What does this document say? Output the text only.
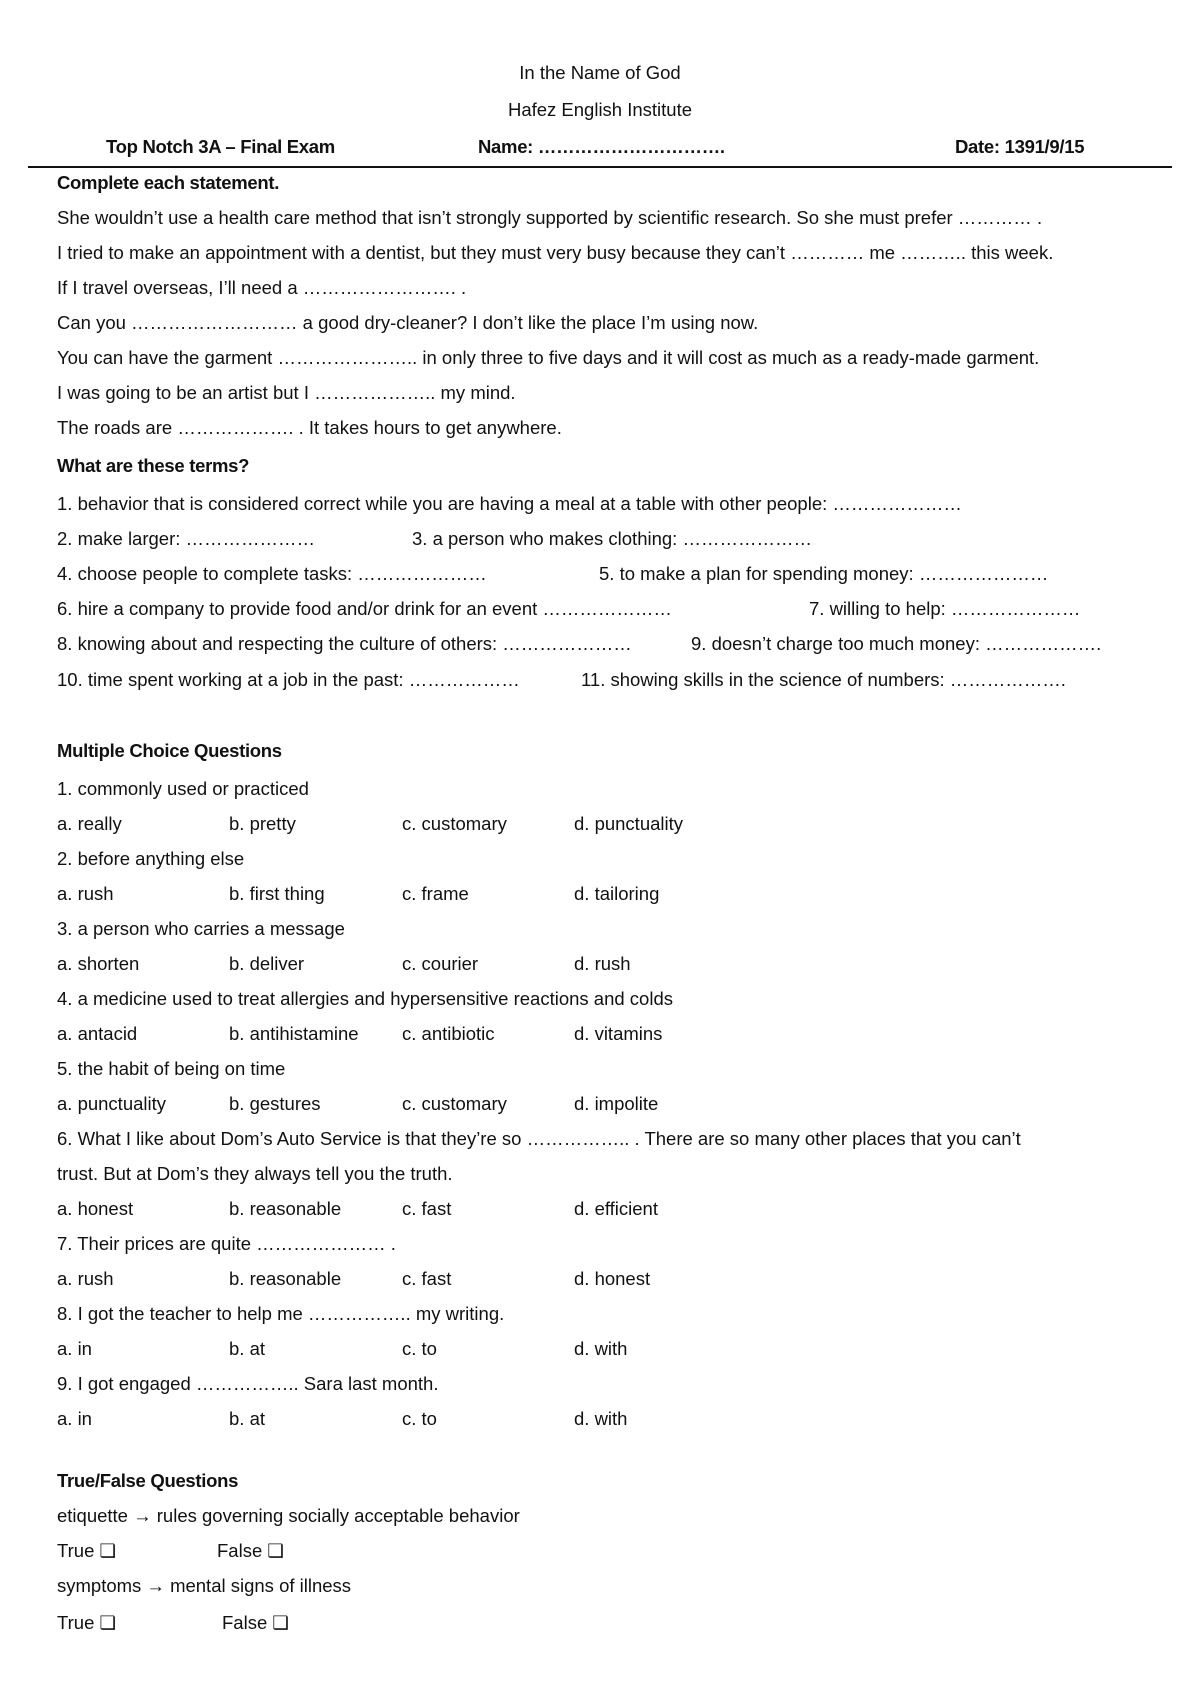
In the Name of God
Hafez English Institute
Top Notch 3A – Final Exam	Name: ………………………….	Date: 1391/9/15
Complete each statement.
She wouldn’t use a health care method that isn’t strongly supported by scientific research. So she must prefer ………… .
I tried to make an appointment with a dentist, but they must very busy because they can’t ………… me ……….. this week.
If I travel overseas, I’ll need a ……………………. .
Can you ……………………… a good dry-cleaner? I don’t like the place I’m using now.
You can have the garment ………………….. in only three to five days and it will cost as much as a ready-made garment.
I was going to be an artist but I ……………….. my mind.
The roads are ………………. . It takes hours to get anywhere.
What are these terms?
1. behavior that is considered correct while you are having a meal at a table with other people: …………………
2. make larger: …………………	3. a person who makes clothing: …………………
4. choose people to complete tasks: …………………	5. to make a plan for spending money: …………………
6. hire a company to provide food and/or drink for an event …………………	7. willing to help: …………………
8. knowing about and respecting the culture of others: …………………	9. doesn’t charge too much money: ……………….
10. time spent working at a job in the past: ………………	11. showing skills in the science of numbers: ……………….
Multiple Choice Questions
1. commonly used or practiced
a. really	b. pretty	c. customary	d. punctuality
2. before anything else
a. rush	b. first thing	c. frame	d. tailoring
3. a person who carries a message
a. shorten	b. deliver	c. courier	d. rush
4. a medicine used to treat allergies and hypersensitive reactions and colds
a. antacid	b. antihistamine c. antibiotic	d. vitamins
5. the habit of being on time
a. punctuality	b. gestures	c. customary	d. impolite
6. What I like about Dom’s Auto Service is that they’re so …………….. . There are so many other places that you can’t
trust. But at Dom’s they always tell you the truth.
a. honest	b. reasonable	c. fast	d. efficient
7. Their prices are quite ………………… .
a. rush	b. reasonable	c. fast	d. honest
8. I got the teacher to help me …………….. my writing.
a. in	b. at	c. to	d. with
9. I got engaged …………….. Sara last month.
a. in	b. at	c. to	d. with
True/False Questions
etiquette → rules governing socially acceptable behavior
True ❏	False ❏
symptoms → mental signs of illness
True ❏	False ❏
